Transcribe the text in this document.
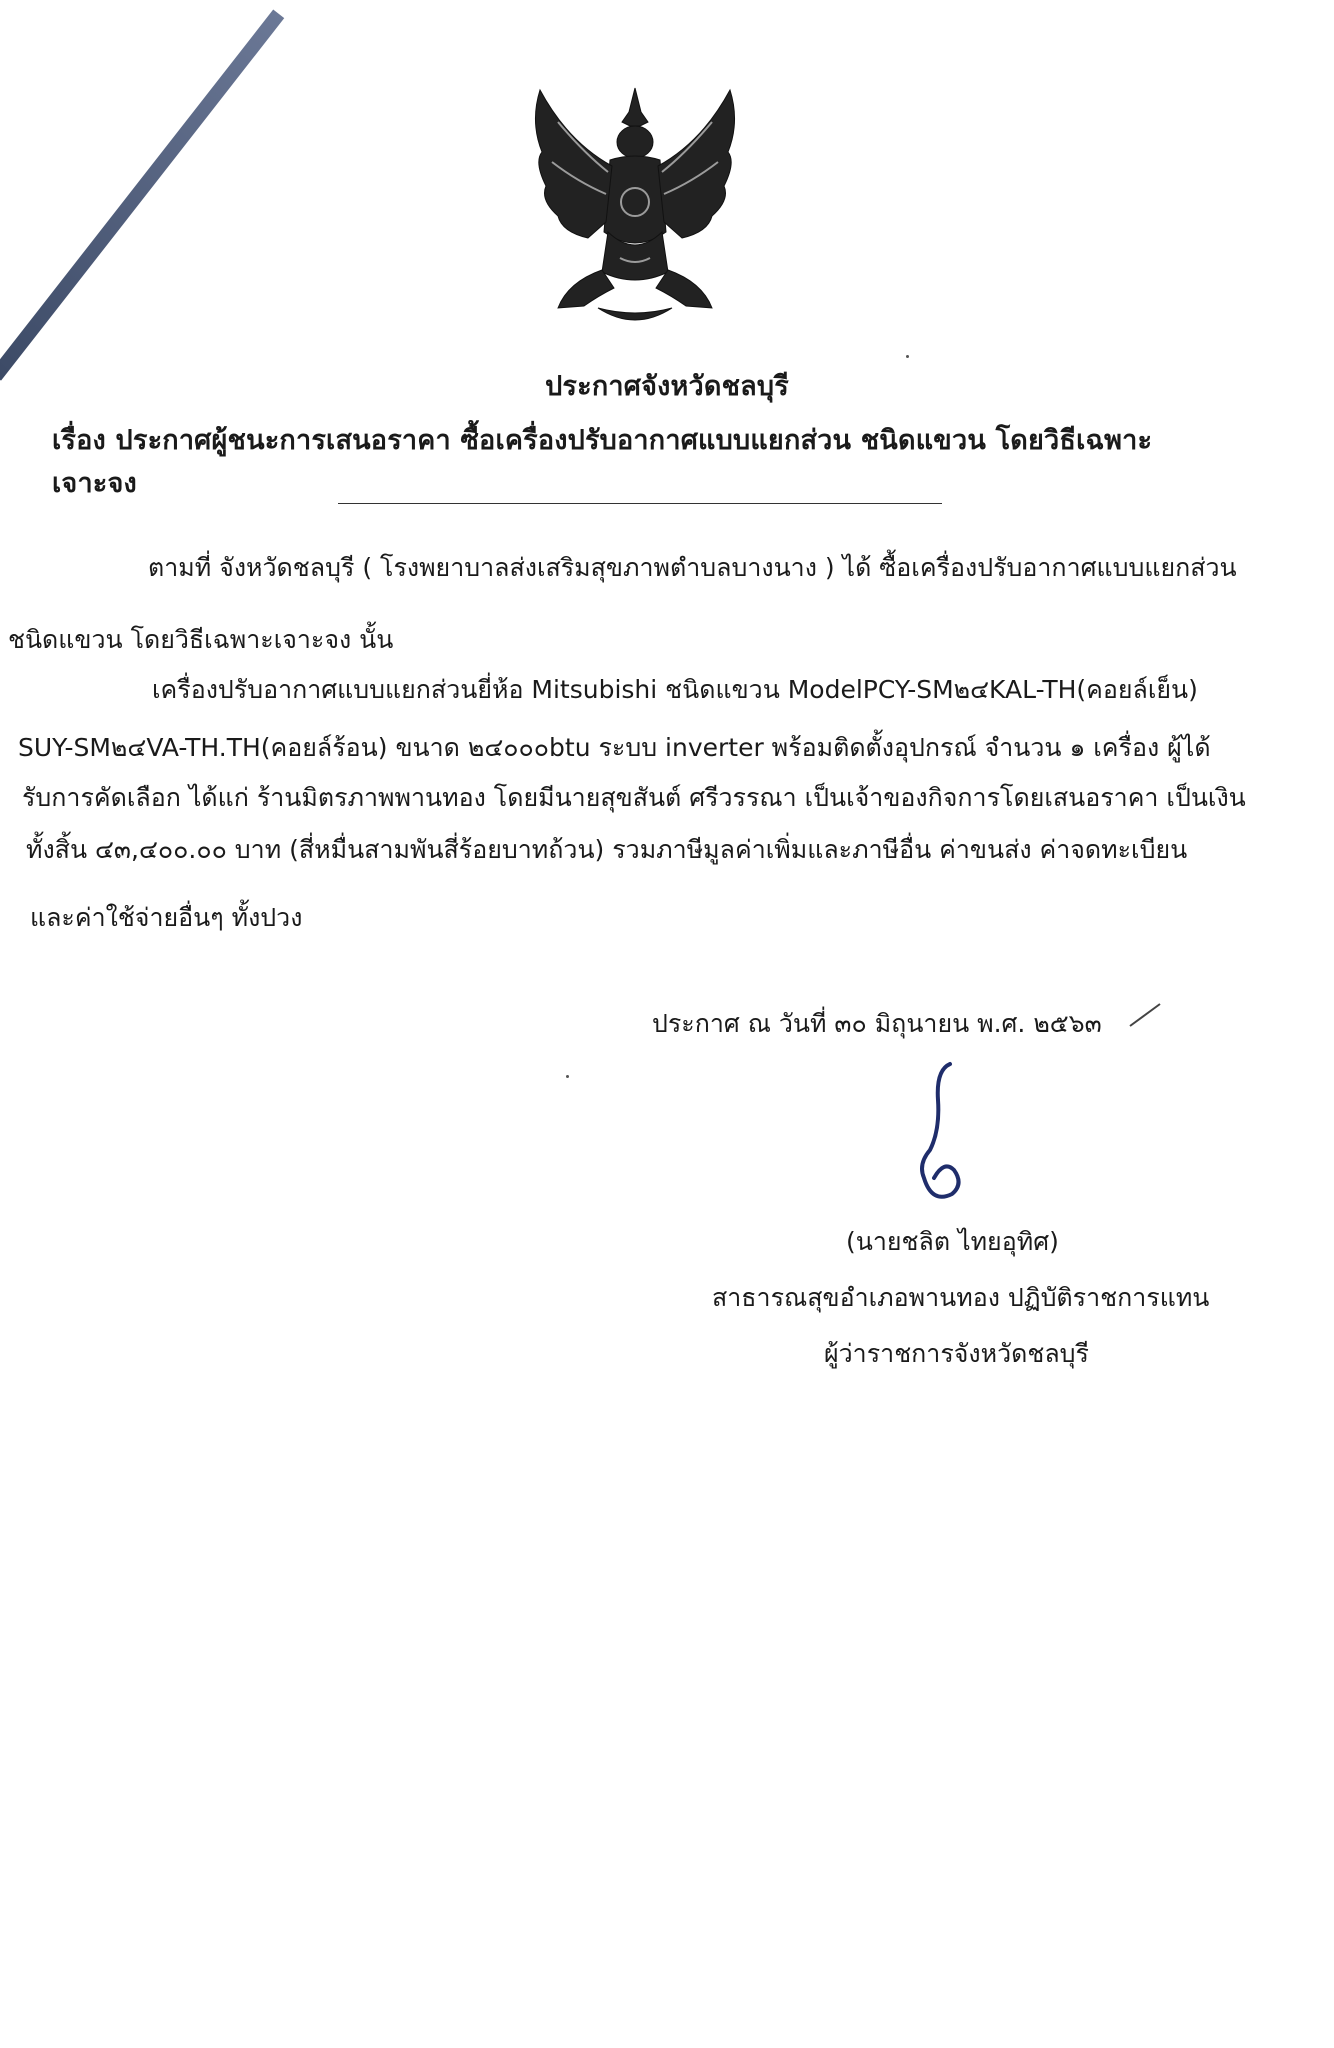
ประกาศจังหวัดชลบุรี
เรื่อง ประกาศผู้ชนะการเสนอราคา ซื้อเครื่องปรับอากาศแบบแยกส่วน ชนิดแขวน โดยวิธีเฉพาะเจาะจง
ตามที่ จังหวัดชลบุรี ( โรงพยาบาลส่งเสริมสุขภาพตำบลบางนาง ) ได้ ซื้อเครื่องปรับอากาศแบบแยกส่วน
ชนิดแขวน โดยวิธีเฉพาะเจาะจง นั้น
เครื่องปรับอากาศแบบแยกส่วนยี่ห้อ Mitsubishi ชนิดแขวน ModelPCY-SM๒๔KAL-TH(คอยล์เย็น)
SUY-SM๒๔VA-TH.TH(คอยล์ร้อน) ขนาด ๒๔๐๐๐btu ระบบ inverter พร้อมติดตั้งอุปกรณ์ จำนวน ๑ เครื่อง ผู้ได้
รับการคัดเลือก ได้แก่ ร้านมิตรภาพพานทอง โดยมีนายสุขสันต์ ศรีวรรณา เป็นเจ้าของกิจการโดยเสนอราคา เป็นเงิน
ทั้งสิ้น ๔๓,๔๐๐.๐๐ บาท (สี่หมื่นสามพันสี่ร้อยบาทถ้วน) รวมภาษีมูลค่าเพิ่มและภาษีอื่น ค่าขนส่ง ค่าจดทะเบียน
และค่าใช้จ่ายอื่นๆ ทั้งปวง
ประกาศ ณ วันที่ ๓๐ มิถุนายน พ.ศ. ๒๕๖๓
(นายชลิต ไทยอุทิศ)
สาธารณสุขอำเภอพานทอง ปฏิบัติราชการแทน
ผู้ว่าราชการจังหวัดชลบุรี
